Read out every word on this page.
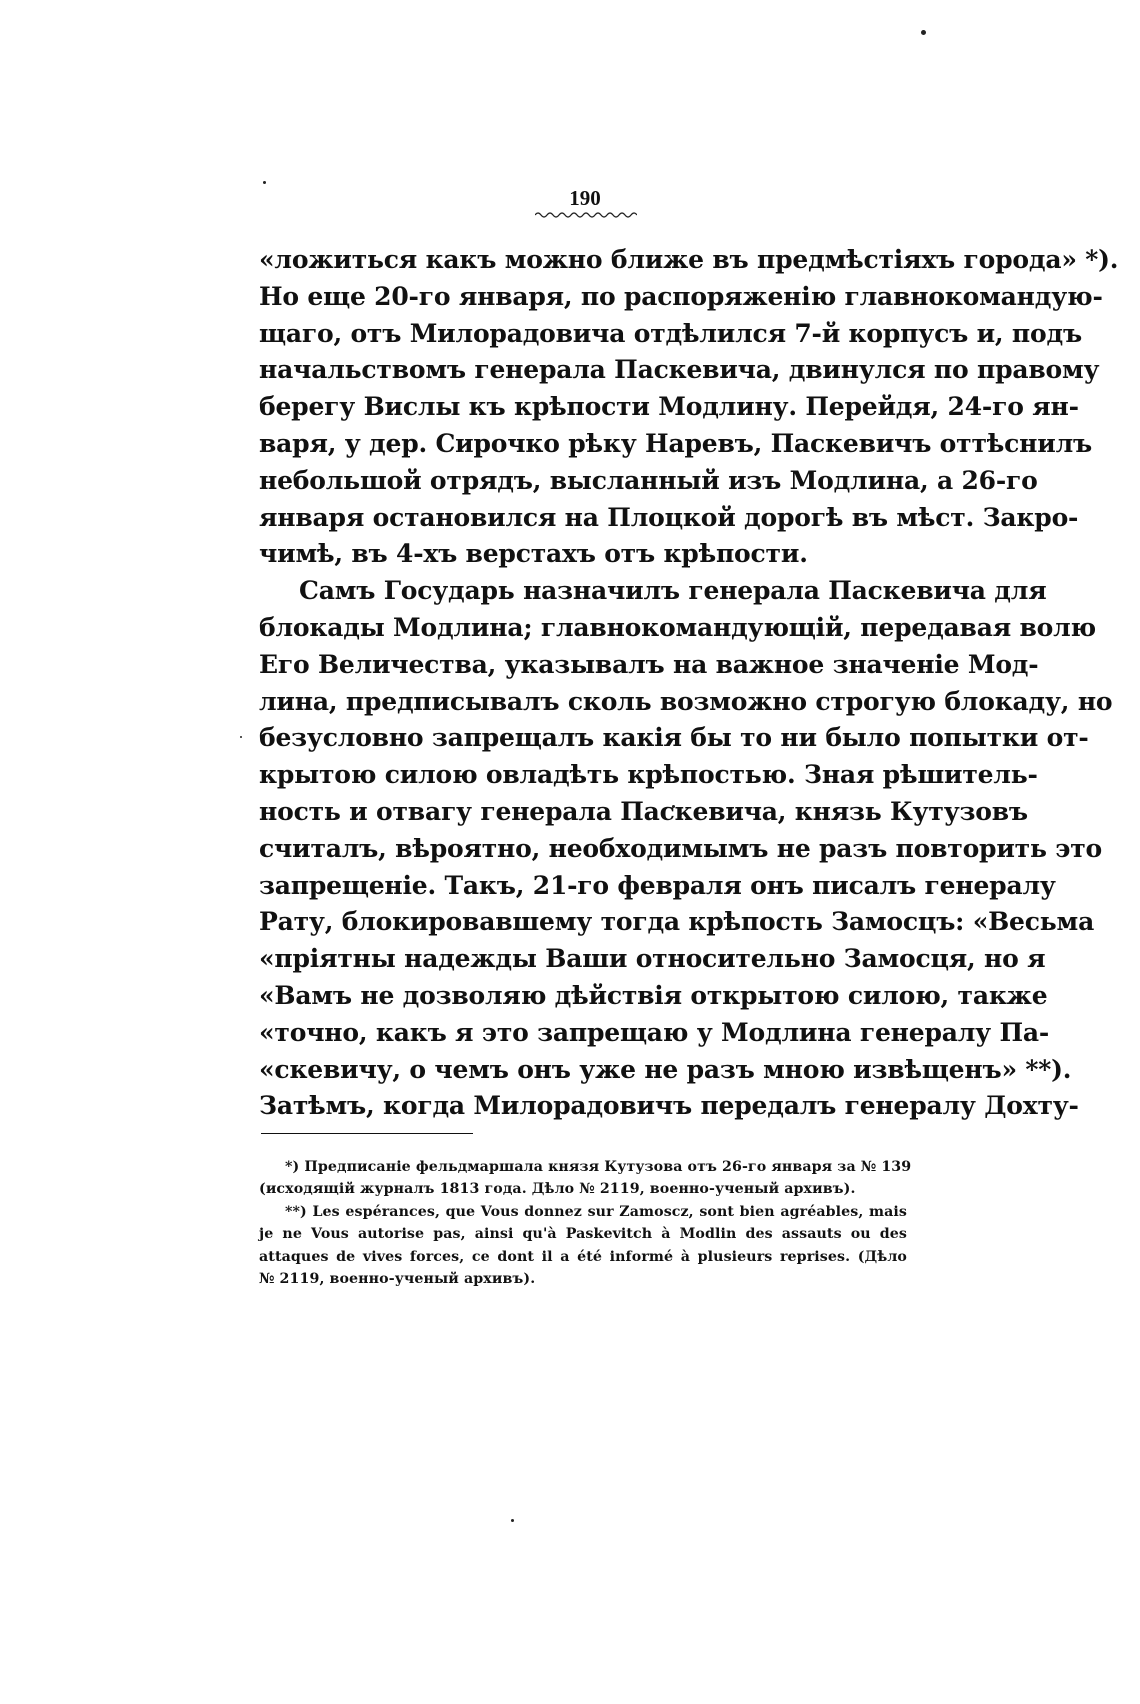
190

«ложиться какъ можно ближе въ предмѣстіяхъ города» *).
Но еще 20-го января, по распоряженію главнокомандую-
щаго, отъ Милорадовича отдѣлился 7-й корпусъ и, подъ
начальствомъ генерала Паскевича, двинулся по правому
берегу Вислы къ крѣпости Модлину. Перейдя, 24-го ян-
варя, у дер. Сирочко рѣку Наревъ, Паскевичъ оттѣснилъ
небольшой отрядъ, высланный изъ Модлина, а 26-го
января остановился на Плоцкой дорогѣ въ мѣст. Закро-
чимѣ, въ 4-хъ верстахъ отъ крѣпости.

Самъ Государь назначилъ генерала Паскевича для
блокады Модлина; главнокомандующій, передавая волю
Его Величества, указывалъ на важное значеніе Мод-
лина, предписывалъ сколь возможно строгую блокаду, но
безусловно запрещалъ какія бы то ни было попытки от-
крытою силою овладѣть крѣпостью. Зная рѣшитель-
ность и отвагу генерала Паскевича, князь Кутузовъ
считалъ, вѣроятно, необходимымъ не разъ повторить это
запрещеніе. Такъ, 21-го февраля онъ писалъ генералу
Рату, блокировавшему тогда крѣпость Замосцъ: «Весьма
«пріятны надежды Ваши относительно Замосця, но я
«Вамъ не дозволяю дѣйствія открытою силою, также
«точно, какъ я это запрещаю у Модлина генералу Па-
«скевичу, о чемъ онъ уже не разъ мною извѣщенъ» **).
Затѣмъ, когда Милорадовичъ передалъ генералу Дохту-

*) Предписаніе фельдмаршала князя Кутузова отъ 26-го января за № 139
(исходящій журналъ 1813 года. Дѣло № 2119, военно-ученый архивъ).

**) Les espérances, que Vous donnez sur Zamoscz, sont bien agréables, mais
je ne Vous autorise pas, ainsi qu'à Paskevitch à Modlin des assauts ou des
attaques de vives forces, ce dont il a été informé à plusieurs reprises. (Дѣло
№ 2119, военно-ученый архивъ).
